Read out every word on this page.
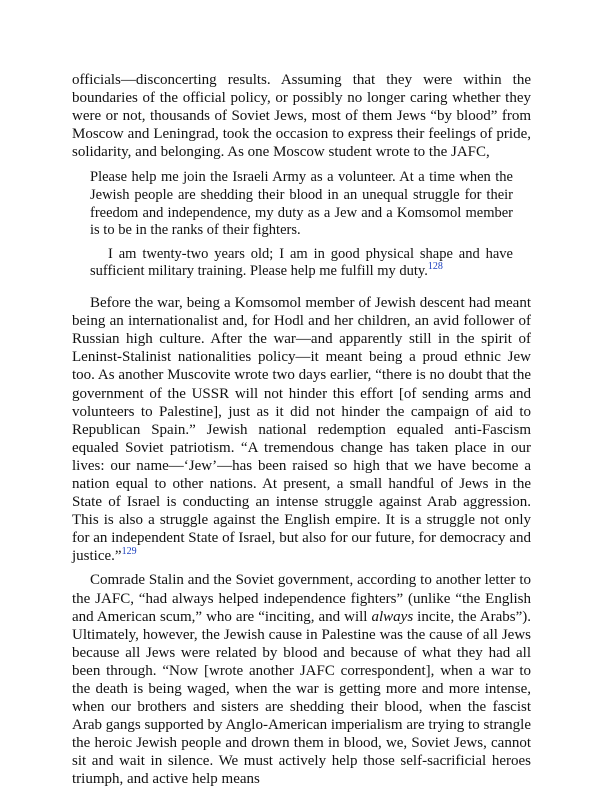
officials—disconcerting results. Assuming that they were within the boundaries of the official policy, or possibly no longer caring whether they were or not, thousands of Soviet Jews, most of them Jews “by blood” from Moscow and Leningrad, took the occasion to express their feelings of pride, solidarity, and belonging. As one Moscow student wrote to the JAFC,

Please help me join the Israeli Army as a volunteer. At a time when the Jewish people are shedding their blood in an unequal struggle for their freedom and independence, my duty as a Jew and a Komsomol member is to be in the ranks of their fighters.

I am twenty-two years old; I am in good physical shape and have sufficient military training. Please help me fulfill my duty.$^{128}$

Before the war, being a Komsomol member of Jewish descent had meant being an internationalist and, for Hodl and her children, an avid follower of Russian high culture. After the war—and apparently still in the spirit of Leninst-Stalinist nationalities policy—it meant being a proud ethnic Jew too. As another Muscovite wrote two days earlier, “there is no doubt that the government of the USSR will not hinder this effort [of sending arms and volunteers to Palestine], just as it did not hinder the campaign of aid to Republican Spain.” Jewish national redemption equaled anti-Fascism equaled Soviet patriotism. “A tremendous change has taken place in our lives: our name—‘Jew’—has been raised so high that we have become a nation equal to other nations. At present, a small handful of Jews in the State of Israel is conducting an intense struggle against Arab aggression. This is also a struggle against the English empire. It is a struggle not only for an independent State of Israel, but also for our future, for democracy and justice.”$^{129}$

Comrade Stalin and the Soviet government, according to another letter to the JAFC, “had always helped independence fighters” (unlike “the English and American scum,” who are “inciting, and will always incite, the Arabs”). Ultimately, however, the Jewish cause in Palestine was the cause of all Jews because all Jews were related by blood and because of what they had all been through. “Now [wrote another JAFC correspondent], when a war to the death is being waged, when the war is getting more and more intense, when our brothers and sisters are shedding their blood, when the fascist Arab gangs supported by Anglo-American imperialism are trying to strangle the heroic Jewish people and drown them in blood, we, Soviet Jews, cannot sit and wait in silence. We must actively help those self-sacrificial heroes triumph, and active help means
